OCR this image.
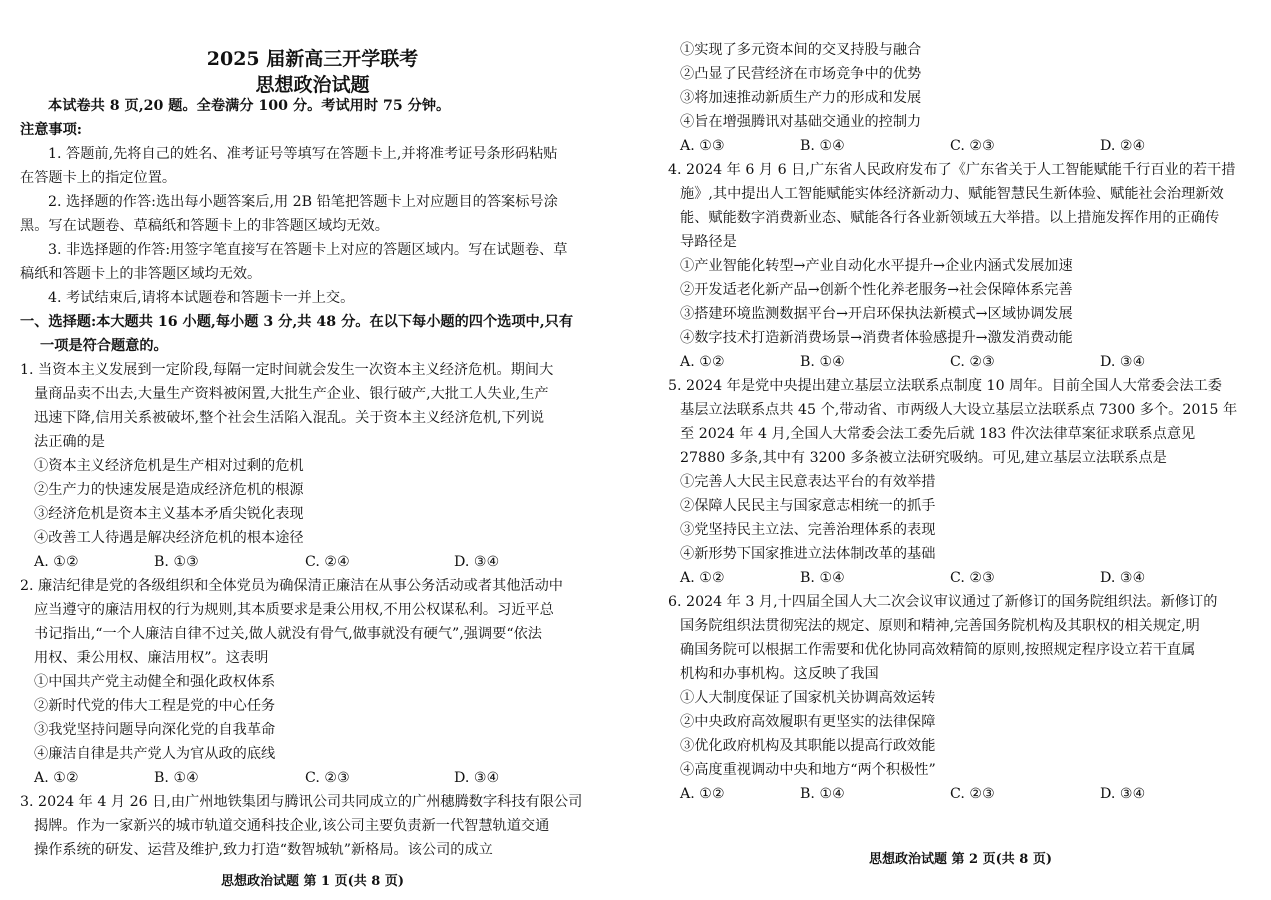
2025 届新高三开学联考
思想政治试题
本试卷共 8 页,20 题。全卷满分 100 分。考试用时 75 分钟。
注意事项:
1. 答题前,先将自己的姓名、准考证号等填写在答题卡上,并将准考证号条形码粘贴
在答题卡上的指定位置。
2. 选择题的作答:选出每小题答案后,用 2B 铅笔把答题卡上对应题目的答案标号涂
黑。写在试题卷、草稿纸和答题卡上的非答题区域均无效。
3. 非选择题的作答:用签字笔直接写在答题卡上对应的答题区域内。写在试题卷、草
稿纸和答题卡上的非答题区域均无效。
4. 考试结束后,请将本试题卷和答题卡一并上交。
一、选择题:本大题共 16 小题,每小题 3 分,共 48 分。在以下每小题的四个选项中,只有
一项是符合题意的。
1. 当资本主义发展到一定阶段,每隔一定时间就会发生一次资本主义经济危机。期间大
量商品卖不出去,大量生产资料被闲置,大批生产企业、银行破产,大批工人失业,生产
迅速下降,信用关系被破坏,整个社会生活陷入混乱。关于资本主义经济危机,下列说
法正确的是
①资本主义经济危机是生产相对过剩的危机
②生产力的快速发展是造成经济危机的根源
③经济危机是资本主义基本矛盾尖锐化表现
④改善工人待遇是解决经济危机的根本途径
A. ①②	B. ①③	C. ②④	D. ③④
2. 廉洁纪律是党的各级组织和全体党员为确保清正廉洁在从事公务活动或者其他活动中
应当遵守的廉洁用权的行为规则,其本质要求是秉公用权,不用公权谋私利。习近平总
书记指出,“一个人廉洁自律不过关,做人就没有骨气,做事就没有硬气”,强调要“依法
用权、秉公用权、廉洁用权”。这表明
①中国共产党主动健全和强化政权体系
②新时代党的伟大工程是党的中心任务
③我党坚持问题导向深化党的自我革命
④廉洁自律是共产党人为官从政的底线
A. ①②	B. ①④	C. ②③	D. ③④
3. 2024 年 4 月 26 日,由广州地铁集团与腾讯公司共同成立的广州穗腾数字科技有限公司
揭牌。作为一家新兴的城市轨道交通科技企业,该公司主要负责新一代智慧轨道交通
操作系统的研发、运营及维护,致力打造“数智城轨”新格局。该公司的成立
思想政治试题 第 1 页(共 8 页)
①实现了多元资本间的交叉持股与融合
②凸显了民营经济在市场竞争中的优势
③将加速推动新质生产力的形成和发展
④旨在增强腾讯对基础交通业的控制力
A. ①③	B. ①④	C. ②③	D. ②④
4. 2024 年 6 月 6 日,广东省人民政府发布了《广东省关于人工智能赋能千行百业的若干措
施》,其中提出人工智能赋能实体经济新动力、赋能智慧民生新体验、赋能社会治理新效
能、赋能数字消费新业态、赋能各行各业新领域五大举措。以上措施发挥作用的正确传
导路径是
①产业智能化转型→产业自动化水平提升→企业内涵式发展加速
②开发适老化新产品→创新个性化养老服务→社会保障体系完善
③搭建环境监测数据平台→开启环保执法新模式→区域协调发展
④数字技术打造新消费场景→消费者体验感提升→激发消费动能
A. ①②	B. ①④	C. ②③	D. ③④
5. 2024 年是党中央提出建立基层立法联系点制度 10 周年。目前全国人大常委会法工委
基层立法联系点共 45 个,带动省、市两级人大设立基层立法联系点 7300 多个。2015 年
至 2024 年 4 月,全国人大常委会法工委先后就 183 件次法律草案征求联系点意见
27880 多条,其中有 3200 多条被立法研究吸纳。可见,建立基层立法联系点是
①完善人大民主民意表达平台的有效举措
②保障人民民主与国家意志相统一的抓手
③党坚持民主立法、完善治理体系的表现
④新形势下国家推进立法体制改革的基础
A. ①②	B. ①④	C. ②③	D. ③④
6. 2024 年 3 月,十四届全国人大二次会议审议通过了新修订的国务院组织法。新修订的
国务院组织法贯彻宪法的规定、原则和精神,完善国务院机构及其职权的相关规定,明
确国务院可以根据工作需要和优化协同高效精简的原则,按照规定程序设立若干直属
机构和办事机构。这反映了我国
①人大制度保证了国家机关协调高效运转
②中央政府高效履职有更坚实的法律保障
③优化政府机构及其职能以提高行政效能
④高度重视调动中央和地方“两个积极性”
A. ①②	B. ①④	C. ②③	D. ③④
思想政治试题 第 2 页(共 8 页)
